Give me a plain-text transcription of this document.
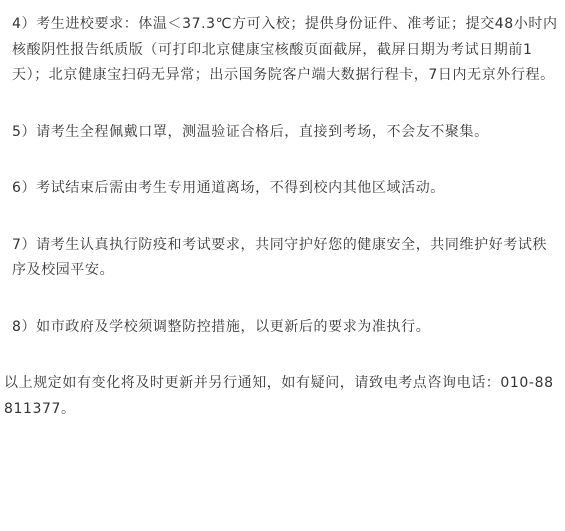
4）考生进校要求：体温＜37.3℃方可入校；提供身份证件、准考证；提交48小时内核酸阴性报告纸质版（可打印北京健康宝核酸页面截屏，截屏日期为考试日期前1天）；北京健康宝扫码无异常；出示国务院客户端大数据行程卡，7日内无京外行程。

5）请考生全程佩戴口罩，测温验证合格后，直接到考场，不会友不聚集。

6）考试结束后需由考生专用通道离场，不得到校内其他区域活动。

7）请考生认真执行防疫和考试要求，共同守护好您的健康安全，共同维护好考试秩序及校园平安。

8）如市政府及学校须调整防控措施，以更新后的要求为准执行。

以上规定如有变化将及时更新并另行通知，如有疑问，请致电考点咨询电话：010-88811377。
